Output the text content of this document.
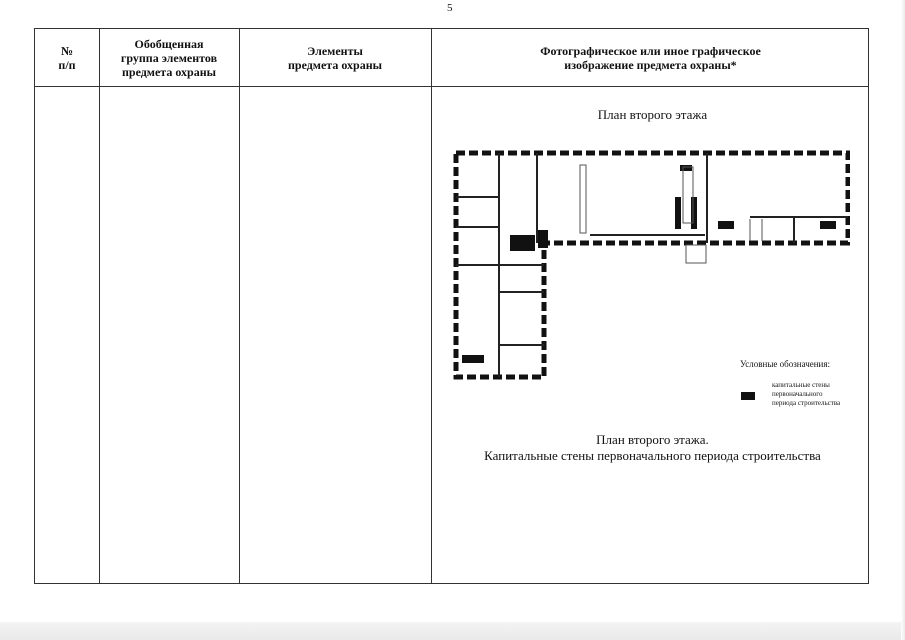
5
№
п/п
Обобщенная
группа элементов
предмета охраны
Элементы
предмета охраны
Фотографическое или иное графическое
изображение предмета охраны*
План второго этажа
Условные обозначения:
капитальные стены
первоначального
периода строительства
План второго этажа.
Капитальные стены первоначального периода строительства
